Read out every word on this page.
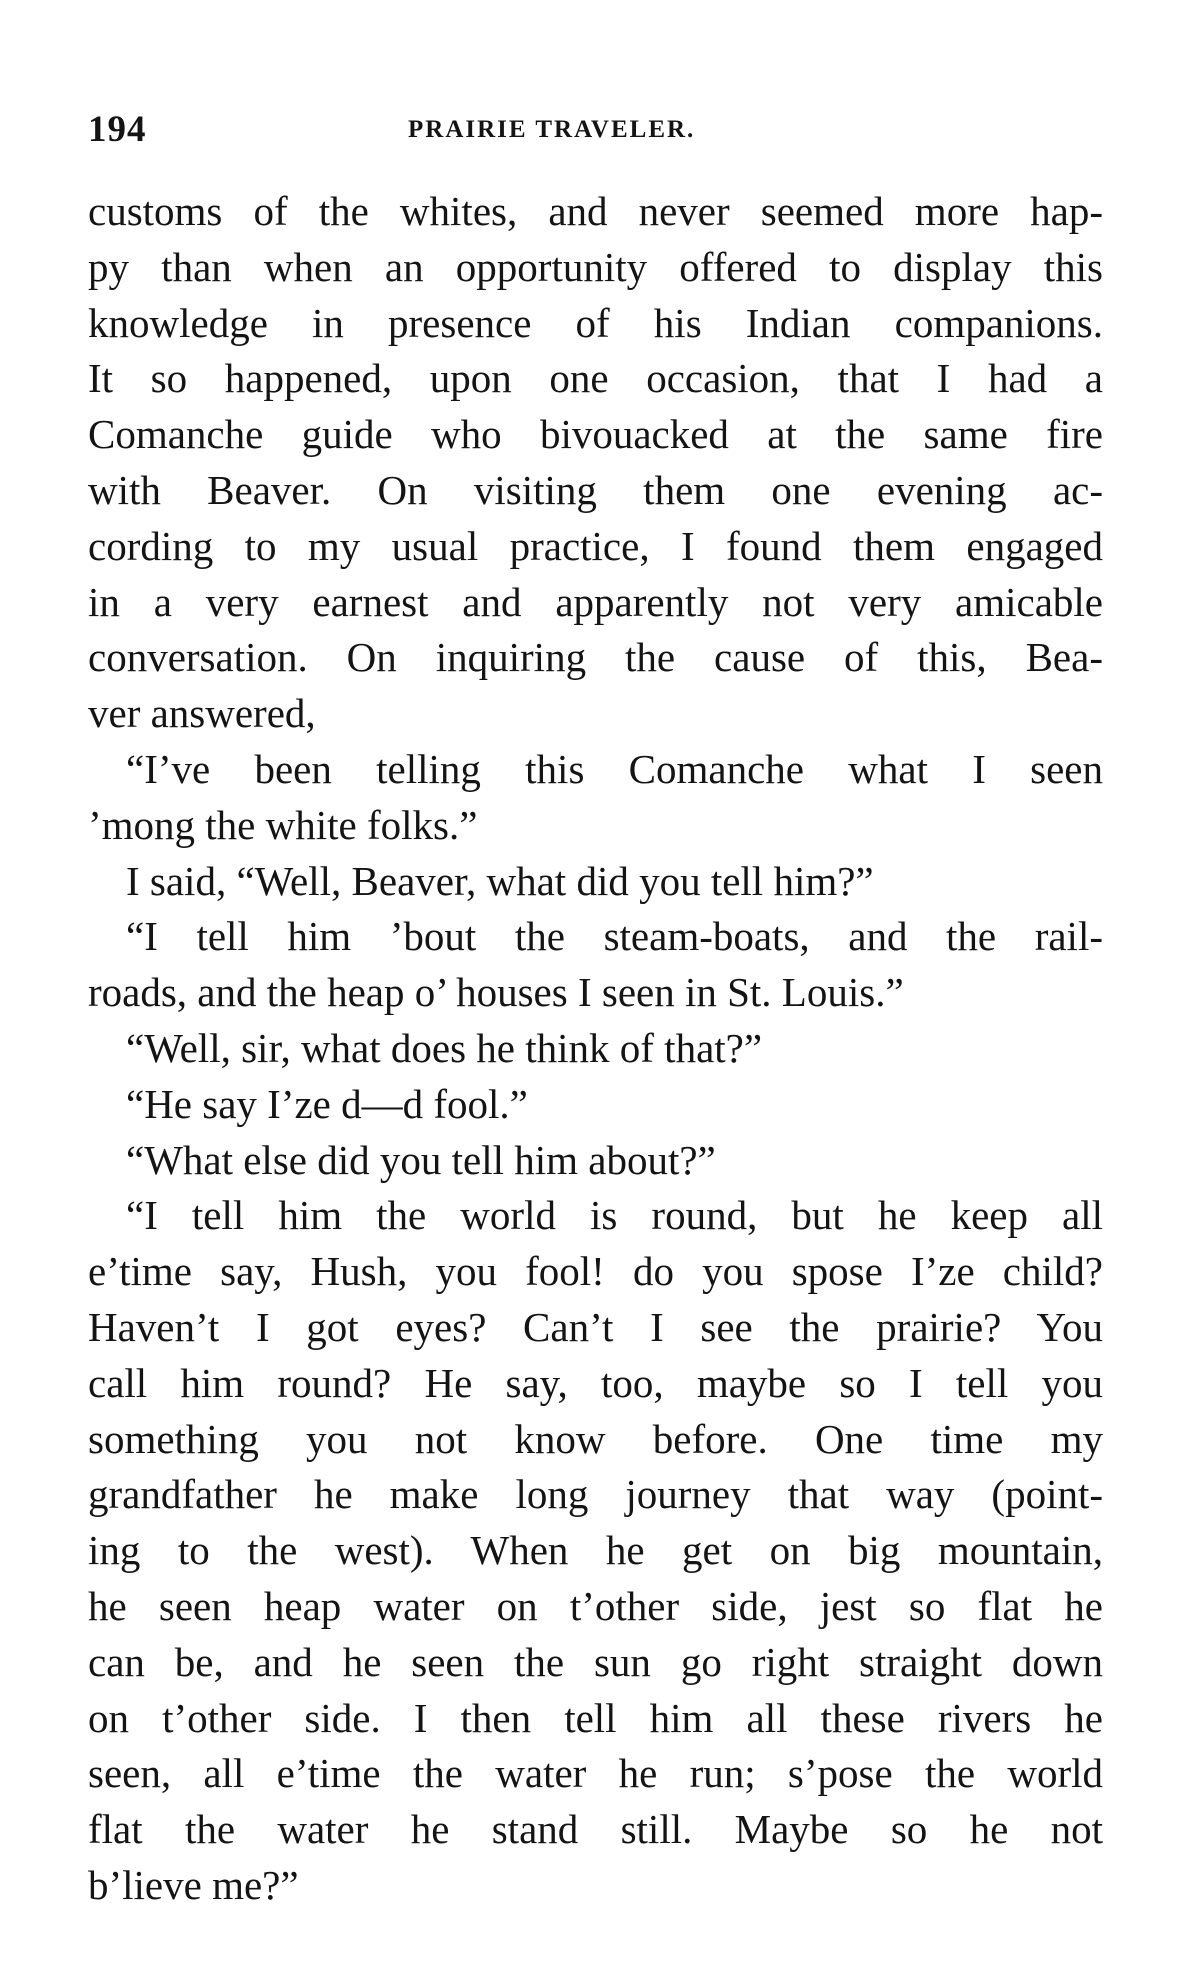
194	PRAIRIE TRAVELER.
customs of the whites, and never seemed more hap-
py than when an opportunity offered to display this
knowledge in presence of his Indian companions.
It so happened, upon one occasion, that I had a
Comanche guide who bivouacked at the same fire
with Beaver. On visiting them one evening ac-
cording to my usual practice, I found them engaged
in a very earnest and apparently not very amicable
conversation. On inquiring the cause of this, Bea-
ver answered,
“I’ve been telling this Comanche what I seen
’mong the white folks.”
I said, “Well, Beaver, what did you tell him?”
“I tell him ’bout the steam-boats, and the rail-
roads, and the heap o’ houses I seen in St. Louis.”
“Well, sir, what does he think of that?”
“He say I’ze d—d fool.”
“What else did you tell him about?”
“I tell him the world is round, but he keep all
e’time say, Hush, you fool! do you spose I’ze child?
Haven’t I got eyes? Can’t I see the prairie? You
call him round? He say, too, maybe so I tell you
something you not know before. One time my
grandfather he make long journey that way (point-
ing to the west). When he get on big mountain,
he seen heap water on t’other side, jest so flat he
can be, and he seen the sun go right straight down
on t’other side. I then tell him all these rivers he
seen, all e’time the water he run; s’pose the world
flat the water he stand still. Maybe so he not
b’lieve me?”
